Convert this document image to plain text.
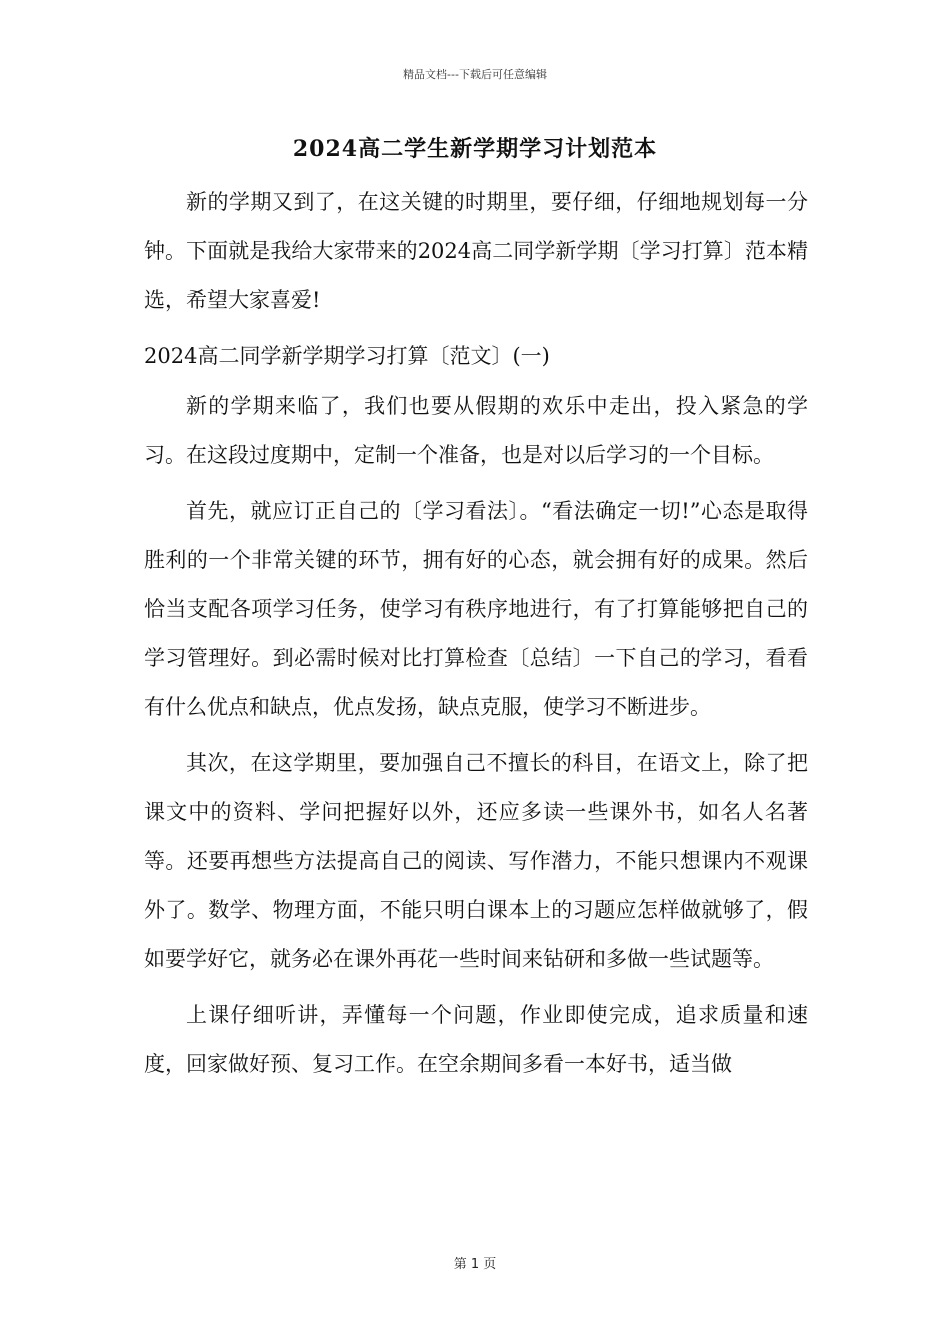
精品文档---下载后可任意编辑
2024高二学生新学期学习计划范本

新的学期又到了，在这关键的时期里，要仔细，仔细地规划每一分钟。下面就是我给大家带来的2024高二同学新学期〔学习打算〕范本精选，希望大家喜爱!

2024高二同学新学期学习打算〔范文〕(一)

新的学期来临了，我们也要从假期的欢乐中走出，投入紧急的学习。在这段过度期中，定制一个准备，也是对以后学习的一个目标。

首先，就应订正自己的〔学习看法〕。“看法确定一切!”心态是取得胜利的一个非常关键的环节，拥有好的心态，就会拥有好的成果。然后恰当支配各项学习任务，使学习有秩序地进行，有了打算能够把自己的学习管理好。到必需时候对比打算检查〔总结〕一下自己的学习，看看有什么优点和缺点，优点发扬，缺点克服，使学习不断进步。

其次，在这学期里，要加强自己不擅长的科目，在语文上，除了把课文中的资料、学问把握好以外，还应多读一些课外书，如名人名著等。还要再想些方法提高自己的阅读、写作潜力，不能只想课内不观课外了。数学、物理方面，不能只明白课本上的习题应怎样做就够了，假如要学好它，就务必在课外再花一些时间来钻研和多做一些试题等。

上课仔细听讲，弄懂每一个问题，作业即使完成，追求质量和速度，回家做好预、复习工作。在空余期间多看一本好书，适当做

第 1 页
